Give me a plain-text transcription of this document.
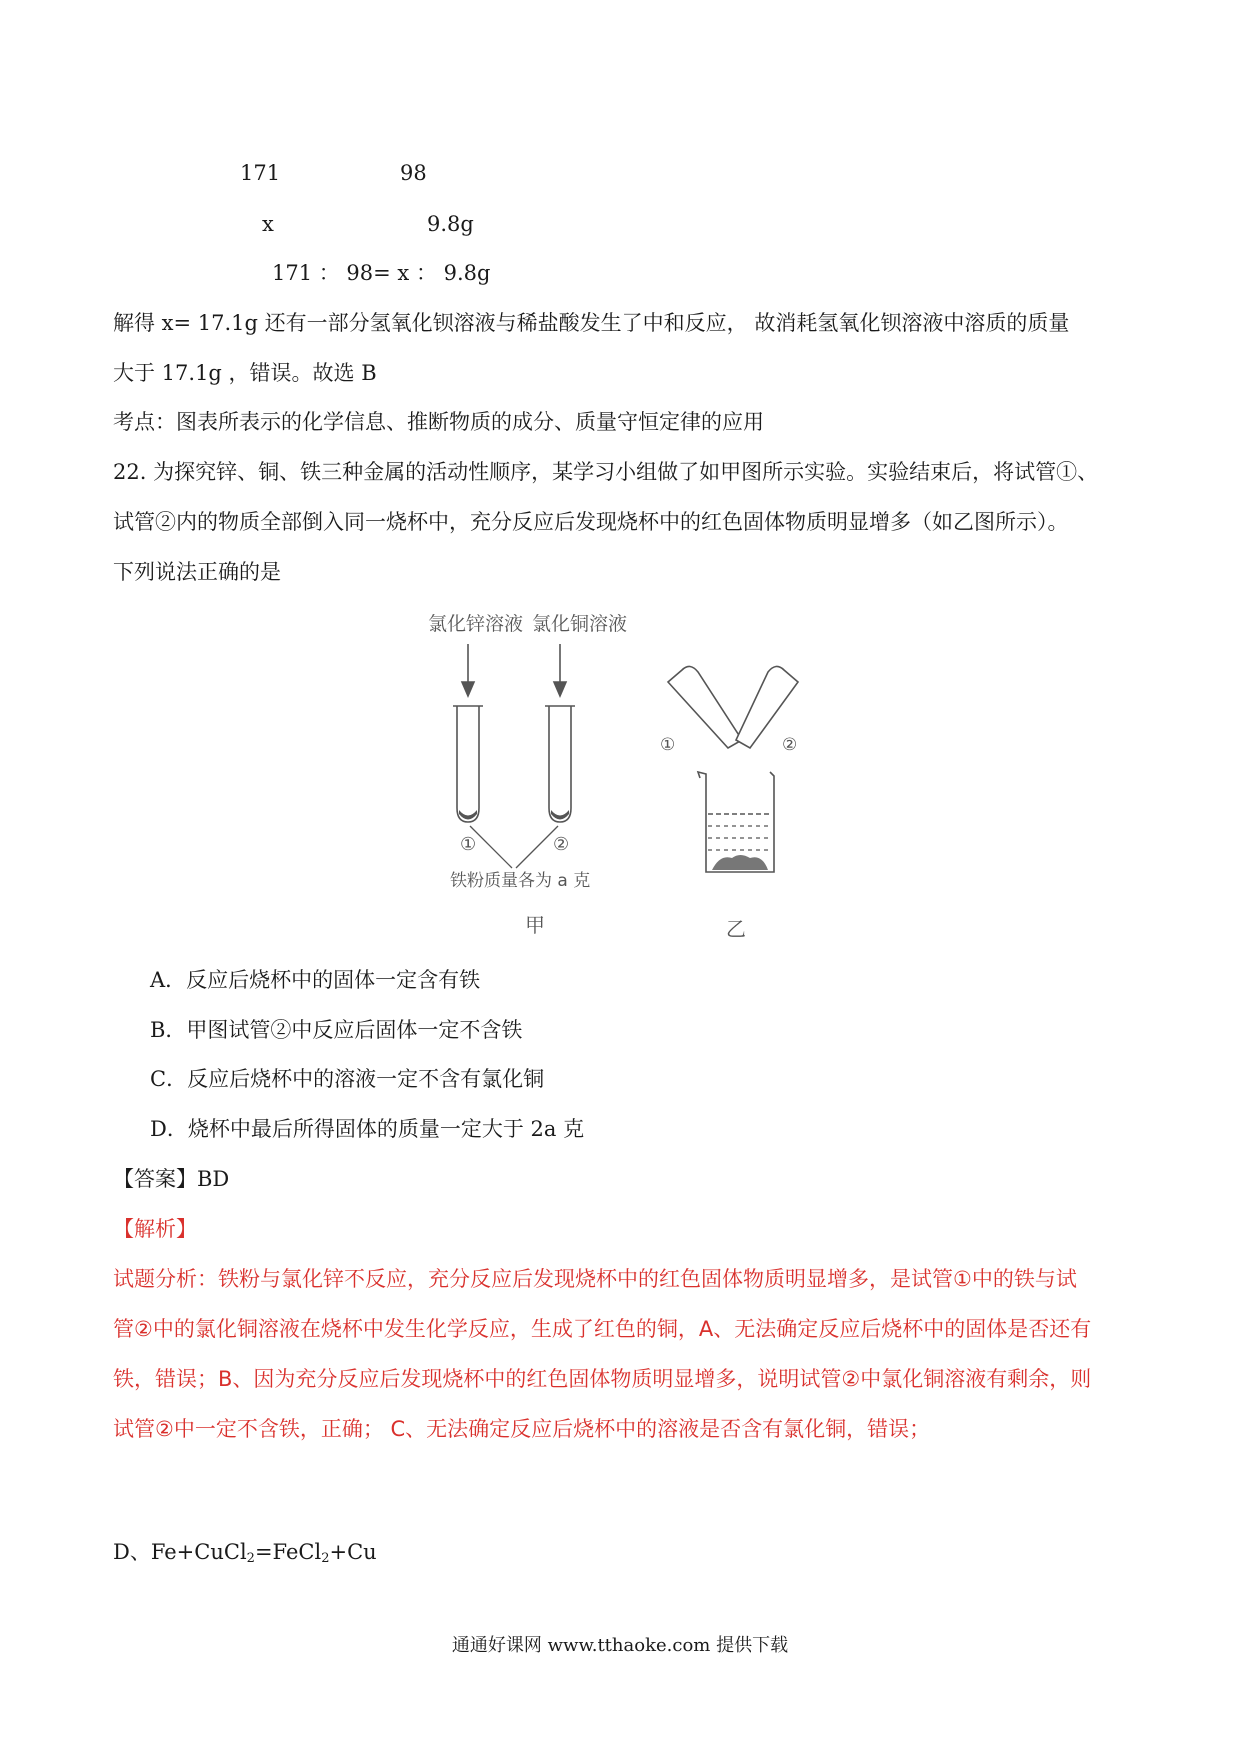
171	98
x	9.8g
171 ： 98= x ： 9.8g
解得 x= 17.1g 还有一部分氢氧化钡溶液与稀盐酸发生了中和反应， 故消耗氢氧化钡溶液中溶质的质量
大于 17.1g ，错误。故选 B
考点：图表所表示的化学信息、推断物质的成分、质量守恒定律的应用
22. 为探究锌、铜、铁三种金属的活动性顺序，某学习小组做了如甲图所示实验。实验结束后，将试管①、
试管②内的物质全部倒入同一烧杯中，充分反应后发现烧杯中的红色固体物质明显增多（如乙图所示）。
下列说法正确的是
氯化锌溶液 氯化铜溶液
①	②
铁粉质量各为 a 克
甲
①	②
乙
A．反应后烧杯中的固体一定含有铁
B．甲图试管②中反应后固体一定不含铁
C．反应后烧杯中的溶液一定不含有氯化铜
D．烧杯中最后所得固体的质量一定大于 2a 克
【答案】BD
【解析】
试题分析：铁粉与氯化锌不反应，充分反应后发现烧杯中的红色固体物质明显增多，是试管①中的铁与试
管②中的氯化铜溶液在烧杯中发生化学反应，生成了红色的铜，A、无法确定反应后烧杯中的固体是否还有
铁，错误；B、因为充分反应后发现烧杯中的红色固体物质明显增多，说明试管②中氯化铜溶液有剩余，则
试管②中一定不含铁，正确； C、无法确定反应后烧杯中的溶液是否含有氯化铜，错误；
D、Fe+CuCl$_2$=FeCl$_2$+Cu
通通好课网 www.tthaoke.com 提供下载
